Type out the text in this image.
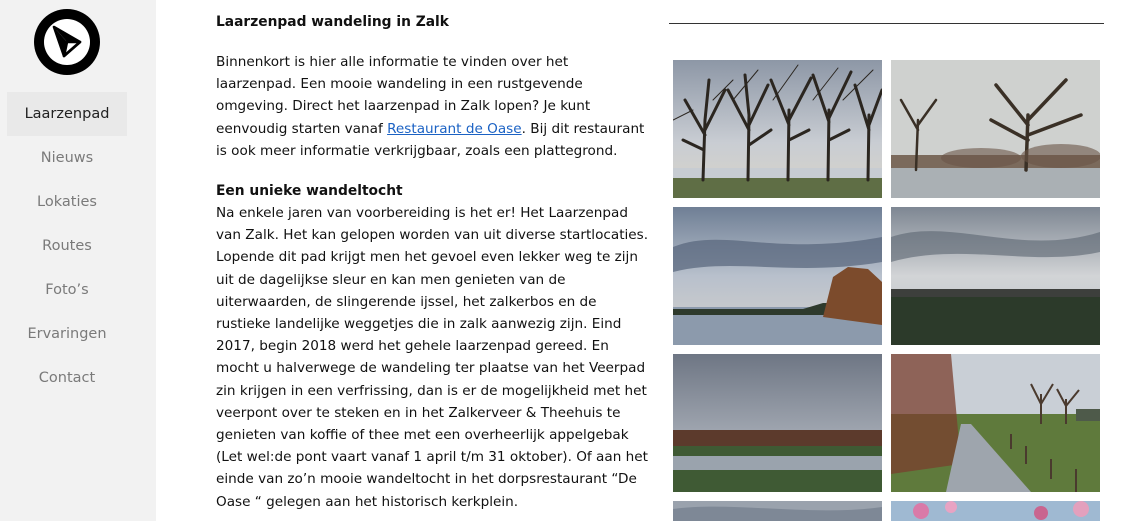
Laarzenpad
Nieuws
Lokaties
Routes
Foto’s
Ervaringen
Contact
Laarzenpad wandeling in Zalk

Binnenkort is hier alle informatie te vinden over het laarzenpad. Een mooie wandeling in een rustgevende omgeving. Direct het laarzenpad in Zalk lopen? Je kunt eenvoudig starten vanaf Restaurant de Oase. Bij dit restaurant is ook meer informatie verkrijgbaar, zoals een plattegrond.

Een unieke wandeltocht
Na enkele jaren van voorbereiding is het er! Het Laarzenpad van Zalk. Het kan gelopen worden van uit diverse startlocaties. Lopende dit pad krijgt men het gevoel even lekker weg te zijn uit de dagelijkse sleur en kan men genieten van de uiterwaarden, de slingerende ijssel, het zalkerbos en de rustieke landelijke weggetjes die in zalk aanwezig zijn. Eind 2017, begin 2018 werd het gehele laarzenpad gereed. En mocht u halverwege de wandeling ter plaatse van het Veerpad zin krijgen in een verfrissing, dan is er de mogelijkheid met het veerpont over te steken en in het Zalkerveer & Theehuis te genieten van koffie of thee met een overheerlijk appelgebak (Let wel:de pont vaart vanaf 1 april t/m 31 oktober). Of aan het einde van zo’n mooie wandeltocht in het dorpsrestaurant “De Oase “ gelegen aan het historisch kerkplein.
